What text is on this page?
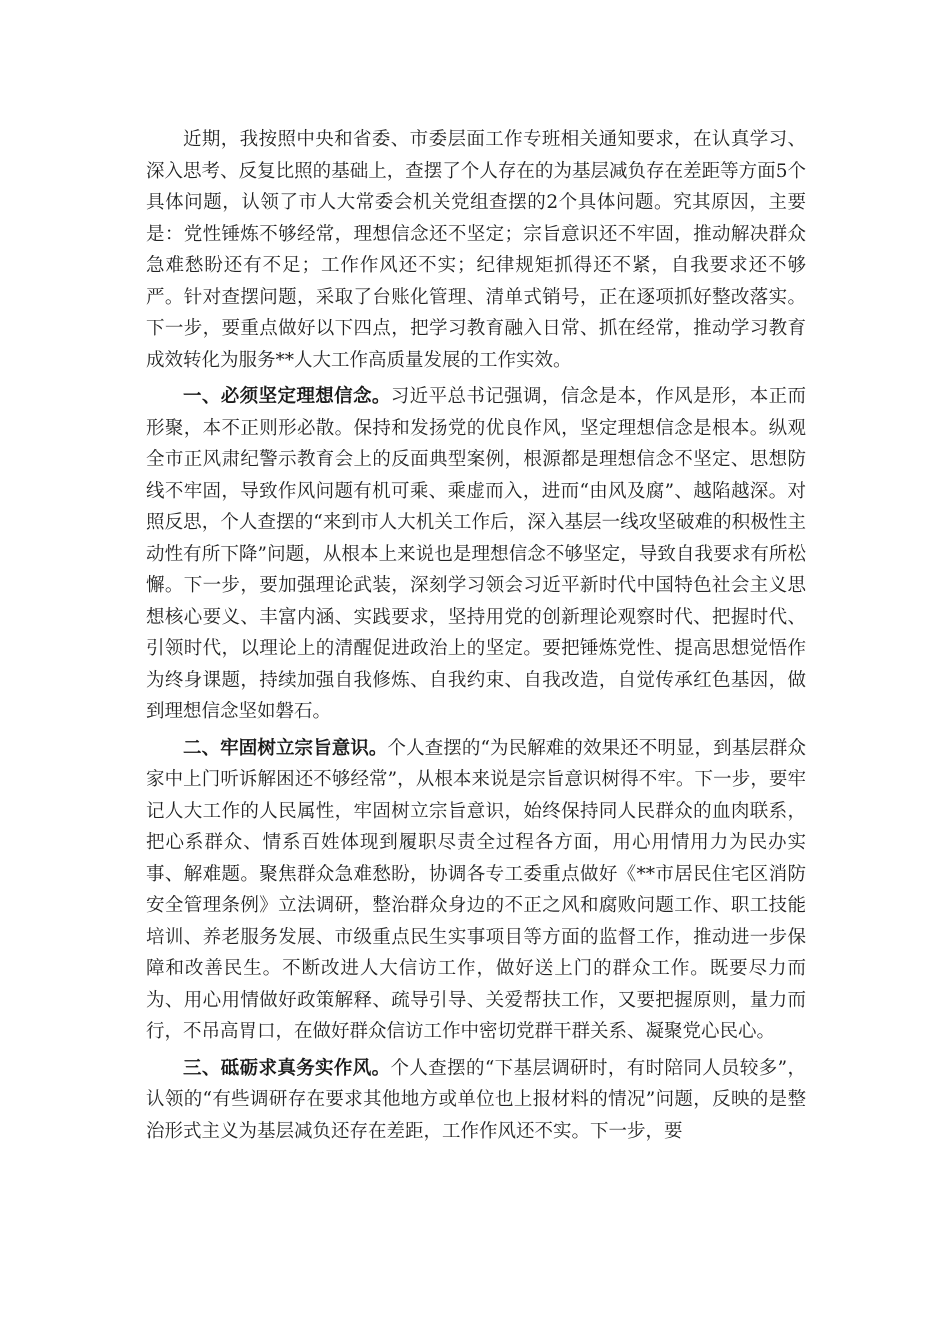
近期，我按照中央和省委、市委层面工作专班相关通知要求，在认真学习、深入思考、反复比照的基础上，查摆了个人存在的为基层减负存在差距等方面5个具体问题，认领了市人大常委会机关党组查摆的2个具体问题。究其原因，主要是：党性锤炼不够经常，理想信念还不坚定；宗旨意识还不牢固，推动解决群众急难愁盼还有不足；工作作风还不实；纪律规矩抓得还不紧，自我要求还不够严。针对查摆问题，采取了台账化管理、清单式销号，正在逐项抓好整改落实。下一步，要重点做好以下四点，把学习教育融入日常、抓在经常，推动学习教育成效转化为服务**人大工作高质量发展的工作实效。

一、必须坚定理想信念。习近平总书记强调，信念是本，作风是形，本正而形聚，本不正则形必散。保持和发扬党的优良作风，坚定理想信念是根本。纵观全市正风肃纪警示教育会上的反面典型案例，根源都是理想信念不坚定、思想防线不牢固，导致作风问题有机可乘、乘虚而入，进而“由风及腐”、越陷越深。对照反思，个人查摆的“来到市人大机关工作后，深入基层一线攻坚破难的积极性主动性有所下降”问题，从根本上来说也是理想信念不够坚定，导致自我要求有所松懈。下一步，要加强理论武装，深刻学习领会习近平新时代中国特色社会主义思想核心要义、丰富内涵、实践要求，坚持用党的创新理论观察时代、把握时代、引领时代，以理论上的清醒促进政治上的坚定。要把锤炼党性、提高思想觉悟作为终身课题，持续加强自我修炼、自我约束、自我改造，自觉传承红色基因，做到理想信念坚如磐石。

二、牢固树立宗旨意识。个人查摆的“为民解难的效果还不明显，到基层群众家中上门听诉解困还不够经常”，从根本来说是宗旨意识树得不牢。下一步，要牢记人大工作的人民属性，牢固树立宗旨意识，始终保持同人民群众的血肉联系，把心系群众、情系百姓体现到履职尽责全过程各方面，用心用情用力为民办实事、解难题。聚焦群众急难愁盼，协调各专工委重点做好《**市居民住宅区消防安全管理条例》立法调研，整治群众身边的不正之风和腐败问题工作、职工技能培训、养老服务发展、市级重点民生实事项目等方面的监督工作，推动进一步保障和改善民生。不断改进人大信访工作，做好送上门的群众工作。既要尽力而为、用心用情做好政策解释、疏导引导、关爱帮扶工作，又要把握原则，量力而行，不吊高胃口，在做好群众信访工作中密切党群干群关系、凝聚党心民心。

三、砥砺求真务实作风。个人查摆的“下基层调研时，有时陪同人员较多”，认领的“有些调研存在要求其他地方或单位也上报材料的情况”问题，反映的是整治形式主义为基层减负还存在差距，工作作风还不实。下一步，要
